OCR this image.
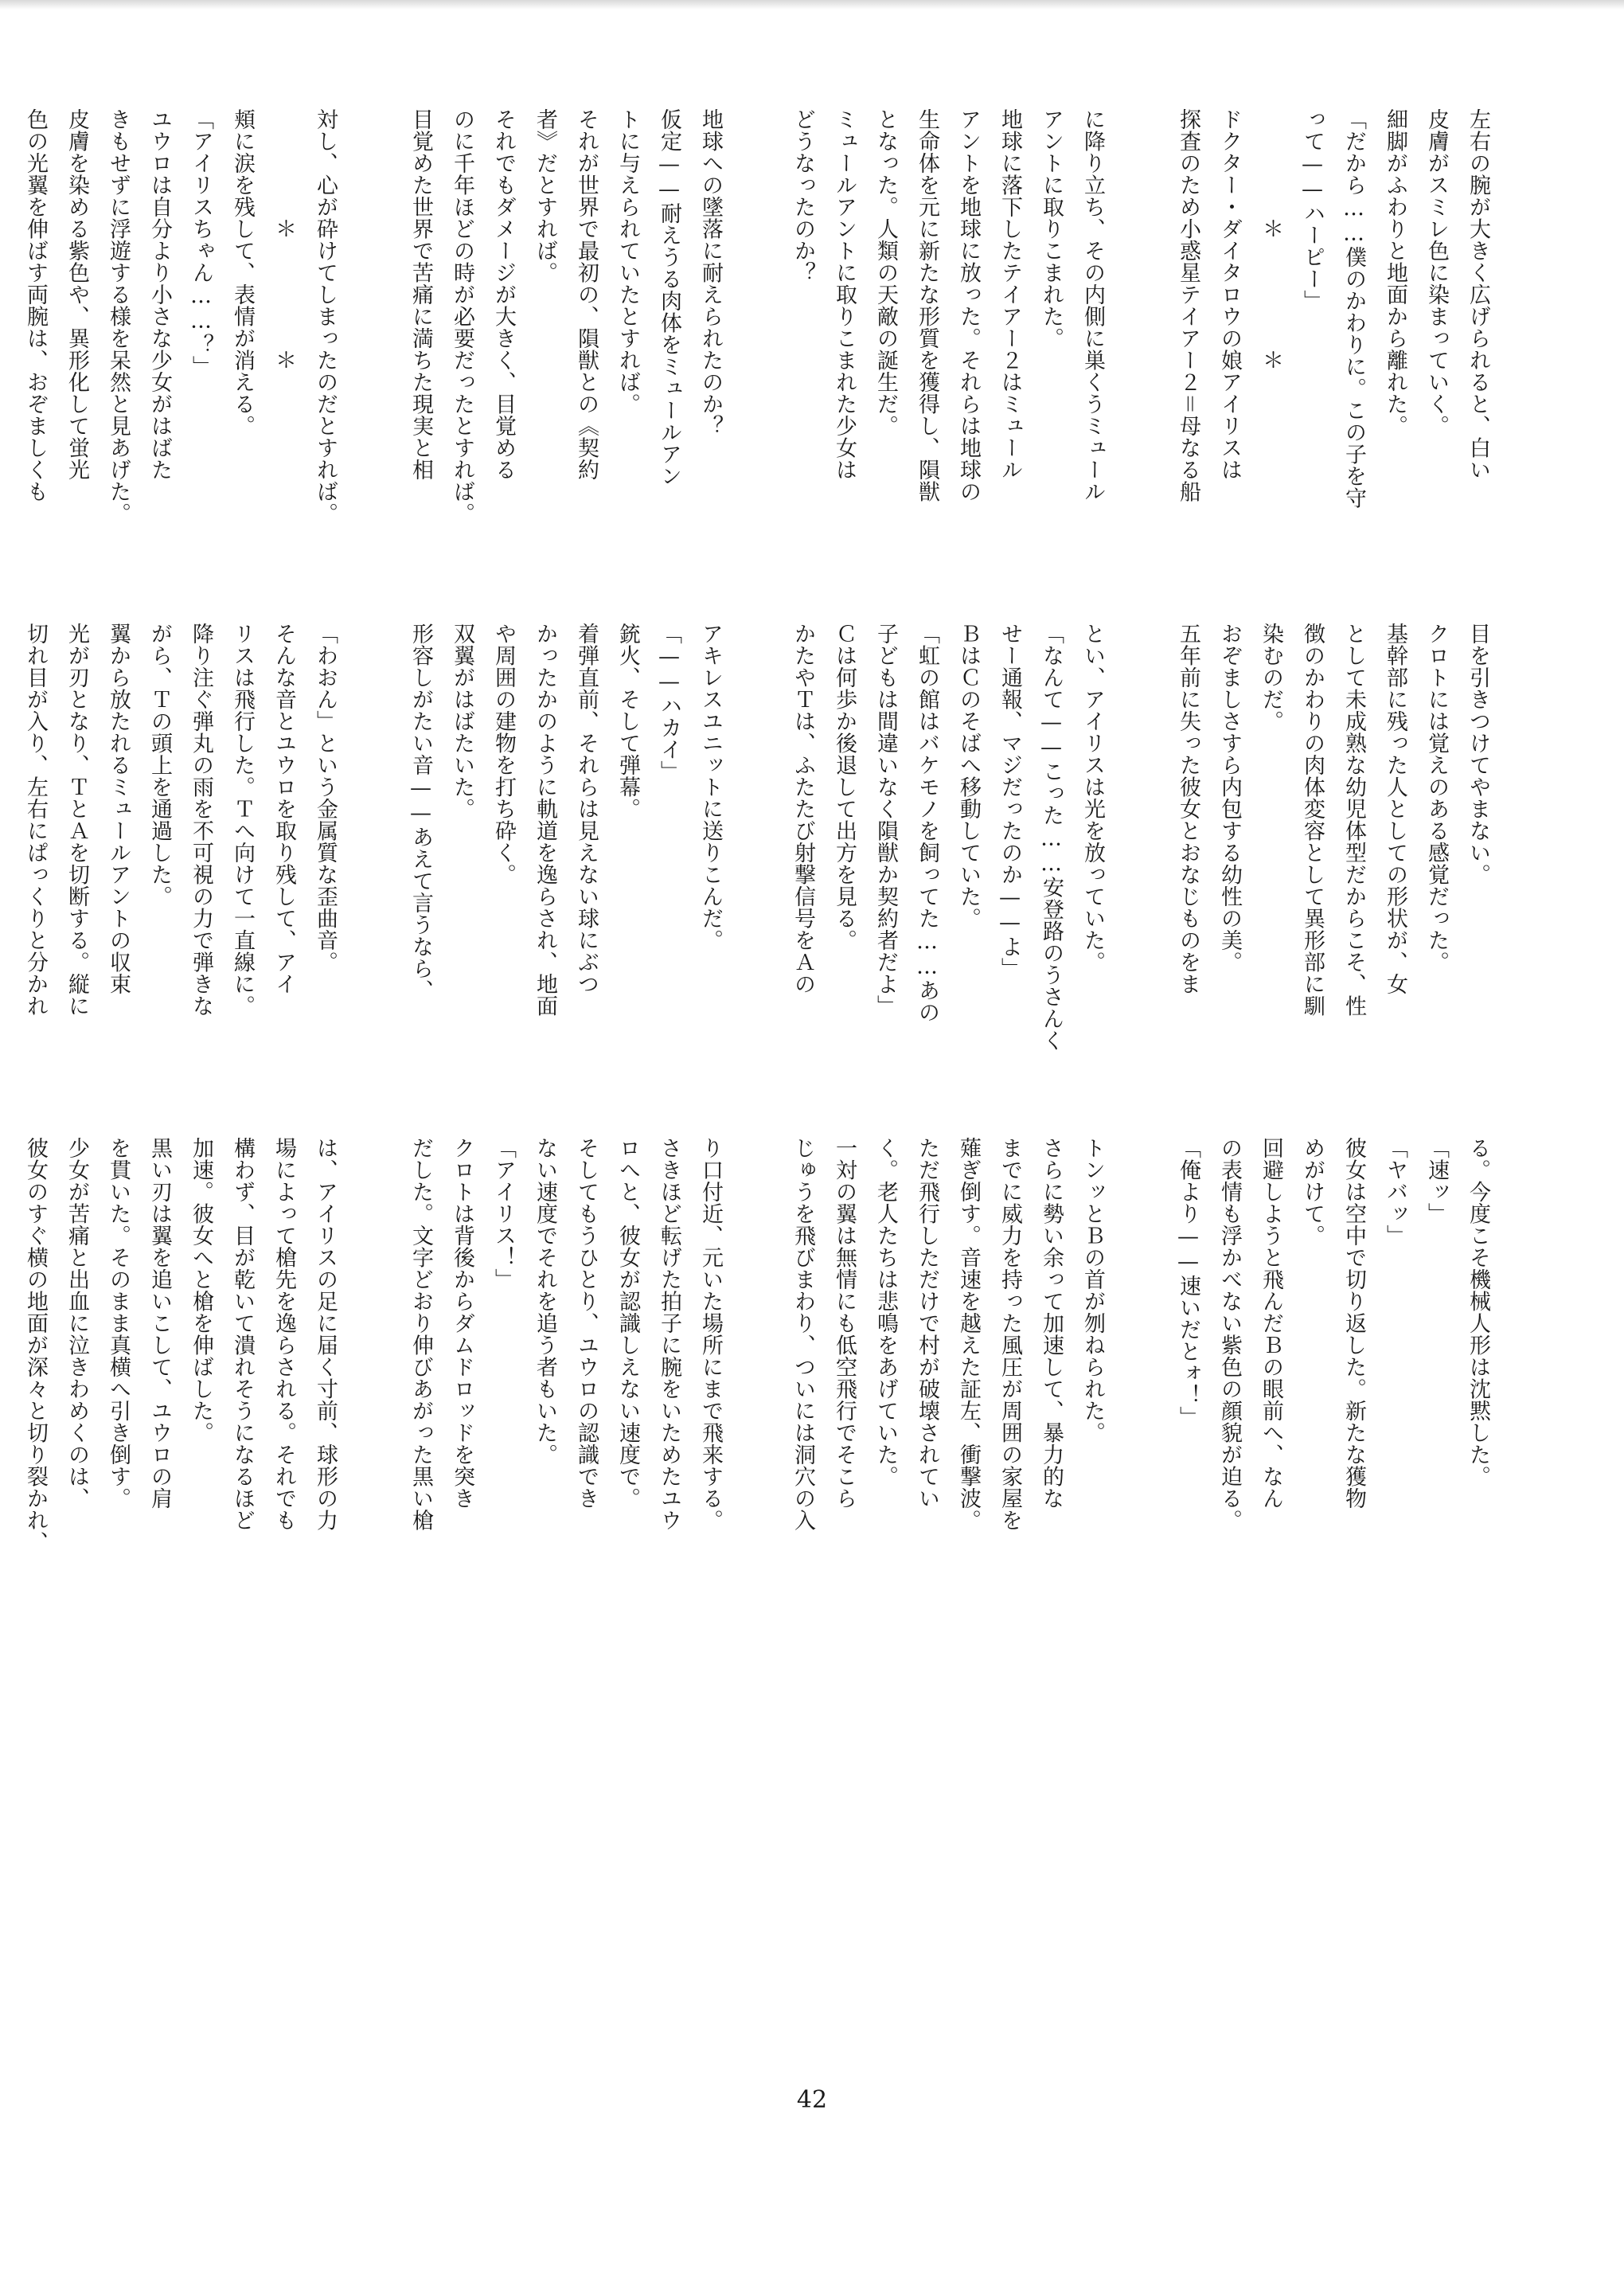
左右の腕が大きく広げられると、白い
皮膚がスミレ色に染まっていく。
細脚がふわりと地面から離れた。
「だから……僕のかわりに。この子を守
って——ハーピー」
　　　　　＊　　　　　＊
ドクター・ダイタロウの娘アイリスは
探査のため小惑星テイアー２＝母なる船
に降り立ち、その内側に巣くうミュール
アントに取りこまれた。
地球に落下したテイアー２はミュール
アントを地球に放った。それらは地球の
生命体を元に新たな形質を獲得し、隕獣
となった。人類の天敵の誕生だ。
ミュールアントに取りこまれた少女は
どうなったのか？
地球への墜落に耐えられたのか？
仮定——耐えうる肉体をミュールアン
トに与えられていたとすれば。
それが世界で最初の、隕獣との《契約
者》だとすれば。
それでもダメージが大きく、目覚める
のに千年ほどの時が必要だったとすれば。
目覚めた世界で苦痛に満ちた現実と相
対し、心が砕けてしまったのだとすれば。
　　　　　＊　　　　　＊
頬に涙を残して、表情が消える。
「アイリスちゃん……？」
ユウロは自分より小さな少女がはばた
きもせずに浮遊する様を呆然と見あげた。
皮膚を染める紫色や、異形化して蛍光
色の光翼を伸ばす両腕は、おぞましくも
目を引きつけてやまない。
クロトには覚えのある感覚だった。
基幹部に残った人としての形状が、女
として未成熟な幼児体型だからこそ、性
徴のかわりの肉体変容として異形部に馴
染むのだ。
おぞましさすら内包する幼性の美。
五年前に失った彼女とおなじものをま
とい、アイリスは光を放っていた。
「なんて——こった……安登路のうさんく
せー通報、マジだったのか——よ」
ＢはＣのそばへ移動していた。
「虹の館はバケモノを飼ってた……あの
子どもは間違いなく隕獣か契約者だよ」
Ｃは何歩か後退して出方を見る。
かたやＴは、ふたたび射撃信号をＡの
アキレスユニットに送りこんだ。
「——ハカイ」
銃火、そして弾幕。
着弾直前、それらは見えない球にぶつ
かったかのように軌道を逸らされ、地面
や周囲の建物を打ち砕く。
双翼がはばたいた。
形容しがたい音——あえて言うなら、
「わおん」という金属質な歪曲音。
そんな音とユウロを取り残して、アイ
リスは飛行した。Ｔへ向けて一直線に。
降り注ぐ弾丸の雨を不可視の力で弾きな
がら、Ｔの頭上を通過した。
翼から放たれるミュールアントの収束
光が刃となり、ＴとＡを切断する。縦に
切れ目が入り、左右にぱっくりと分かれ
る。今度こそ機械人形は沈黙した。
「速ッ」
「ヤバッ」
彼女は空中で切り返した。新たな獲物
めがけて。
回避しようと飛んだＢの眼前へ、なん
の表情も浮かべない紫色の顔貌が迫る。
「俺より——速いだとォ！」
トンッとＢの首が刎ねられた。
さらに勢い余って加速して、暴力的な
までに威力を持った風圧が周囲の家屋を
薙ぎ倒す。音速を越えた証左、衝撃波。
ただ飛行しただけで村が破壊されてい
く。老人たちは悲鳴をあげていた。
一対の翼は無情にも低空飛行でそこら
じゅうを飛びまわり、ついには洞穴の入
り口付近、元いた場所にまで飛来する。
さきほど転げた拍子に腕をいためたユウ
ロへと、彼女が認識しえない速度で。
そしてもうひとり、ユウロの認識でき
ない速度でそれを追う者もいた。
「アイリス！」
クロトは背後からダムドロッドを突き
だした。文字どおり伸びあがった黒い槍
は、アイリスの足に届く寸前、球形の力
場によって槍先を逸らされる。それでも
構わず、目が乾いて潰れそうになるほど
加速。彼女へと槍を伸ばした。
黒い刃は翼を追いこして、ユウロの肩
を貫いた。そのまま真横へ引き倒す。
少女が苦痛と出血に泣きわめくのは、
彼女のすぐ横の地面が深々と切り裂かれ、
42
